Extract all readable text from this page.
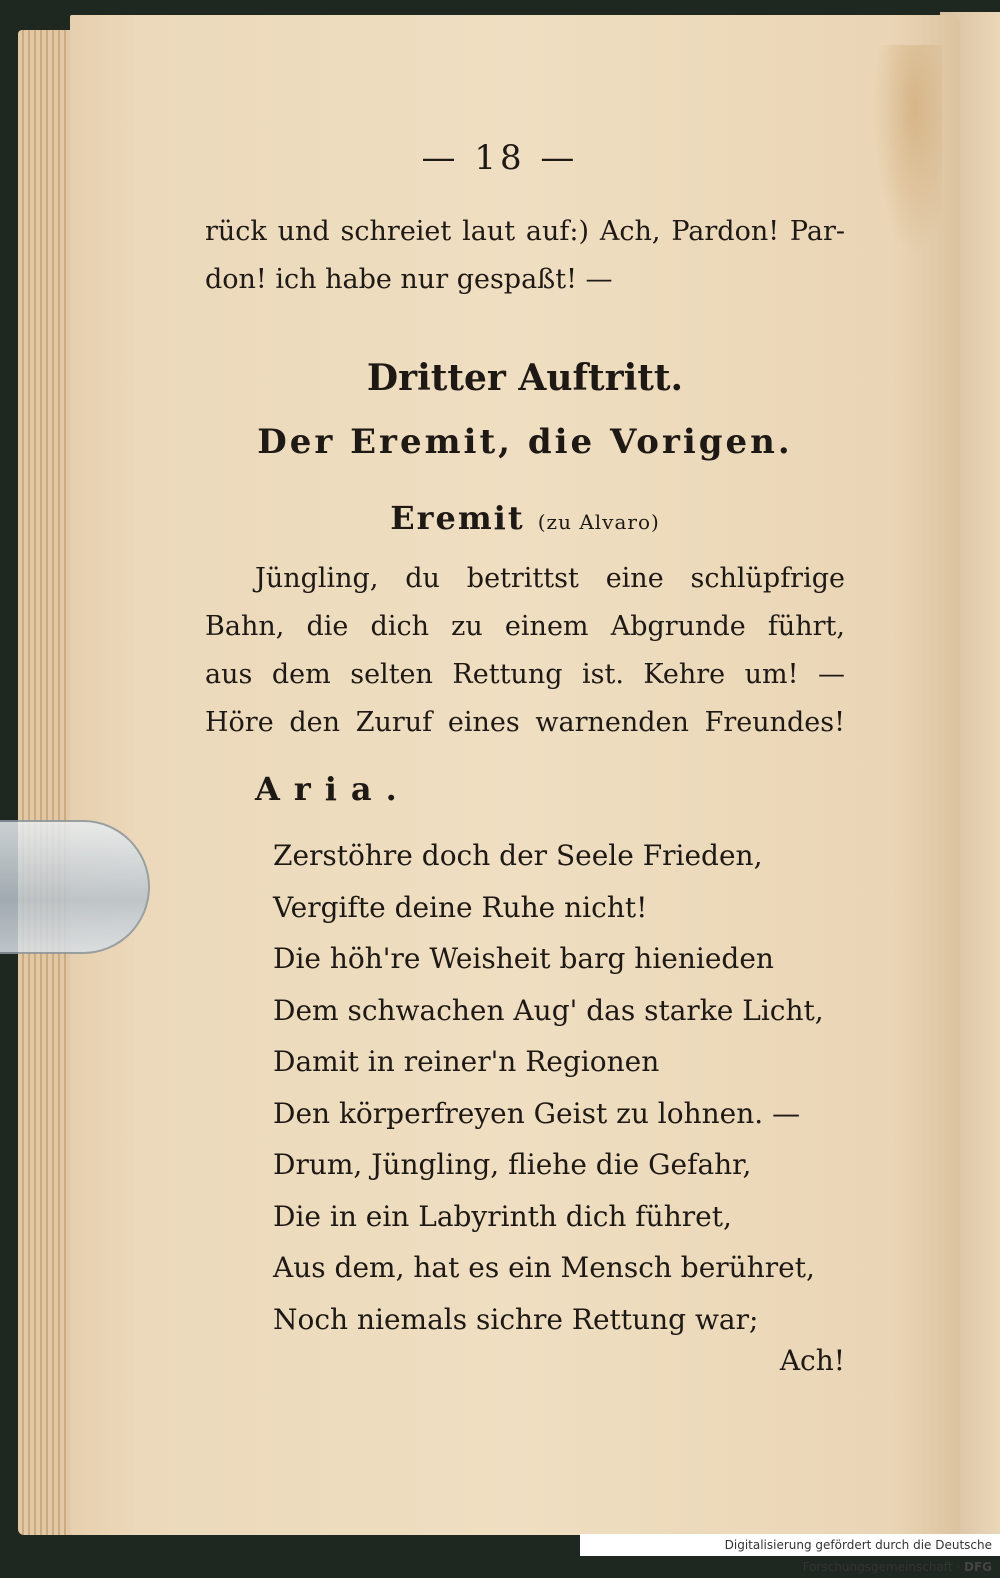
— 18 —
rück und schreiet laut auf:) Ach, Pardon! Par-
don! ich habe nur gespaßt! —
Dritter Auftritt.
Der Eremit, die Vorigen.
Eremit (zu Alvaro)
Jüngling, du betrittst eine schlüpfrige
Bahn, die dich zu einem Abgrunde führt,
aus dem selten Rettung ist. Kehre um! —
Höre den Zuruf eines warnenden Freundes!
Aria.
Zerstöhre doch der Seele Frieden,
Vergifte deine Ruhe nicht!
Die höh're Weisheit barg hienieden
Dem schwachen Aug' das starke Licht,
Damit in reiner'n Regionen
Den körperfreyen Geist zu lohnen. —
Drum, Jüngling, fliehe die Gefahr,
Die in ein Labyrinth dich führet,
Aus dem, hat es ein Mensch berühret,
Noch niemals sichre Rettung war;
Ach!
Digitalisierung gefördert durch die Deutsche Forschungsgemeinschaft · DFG
